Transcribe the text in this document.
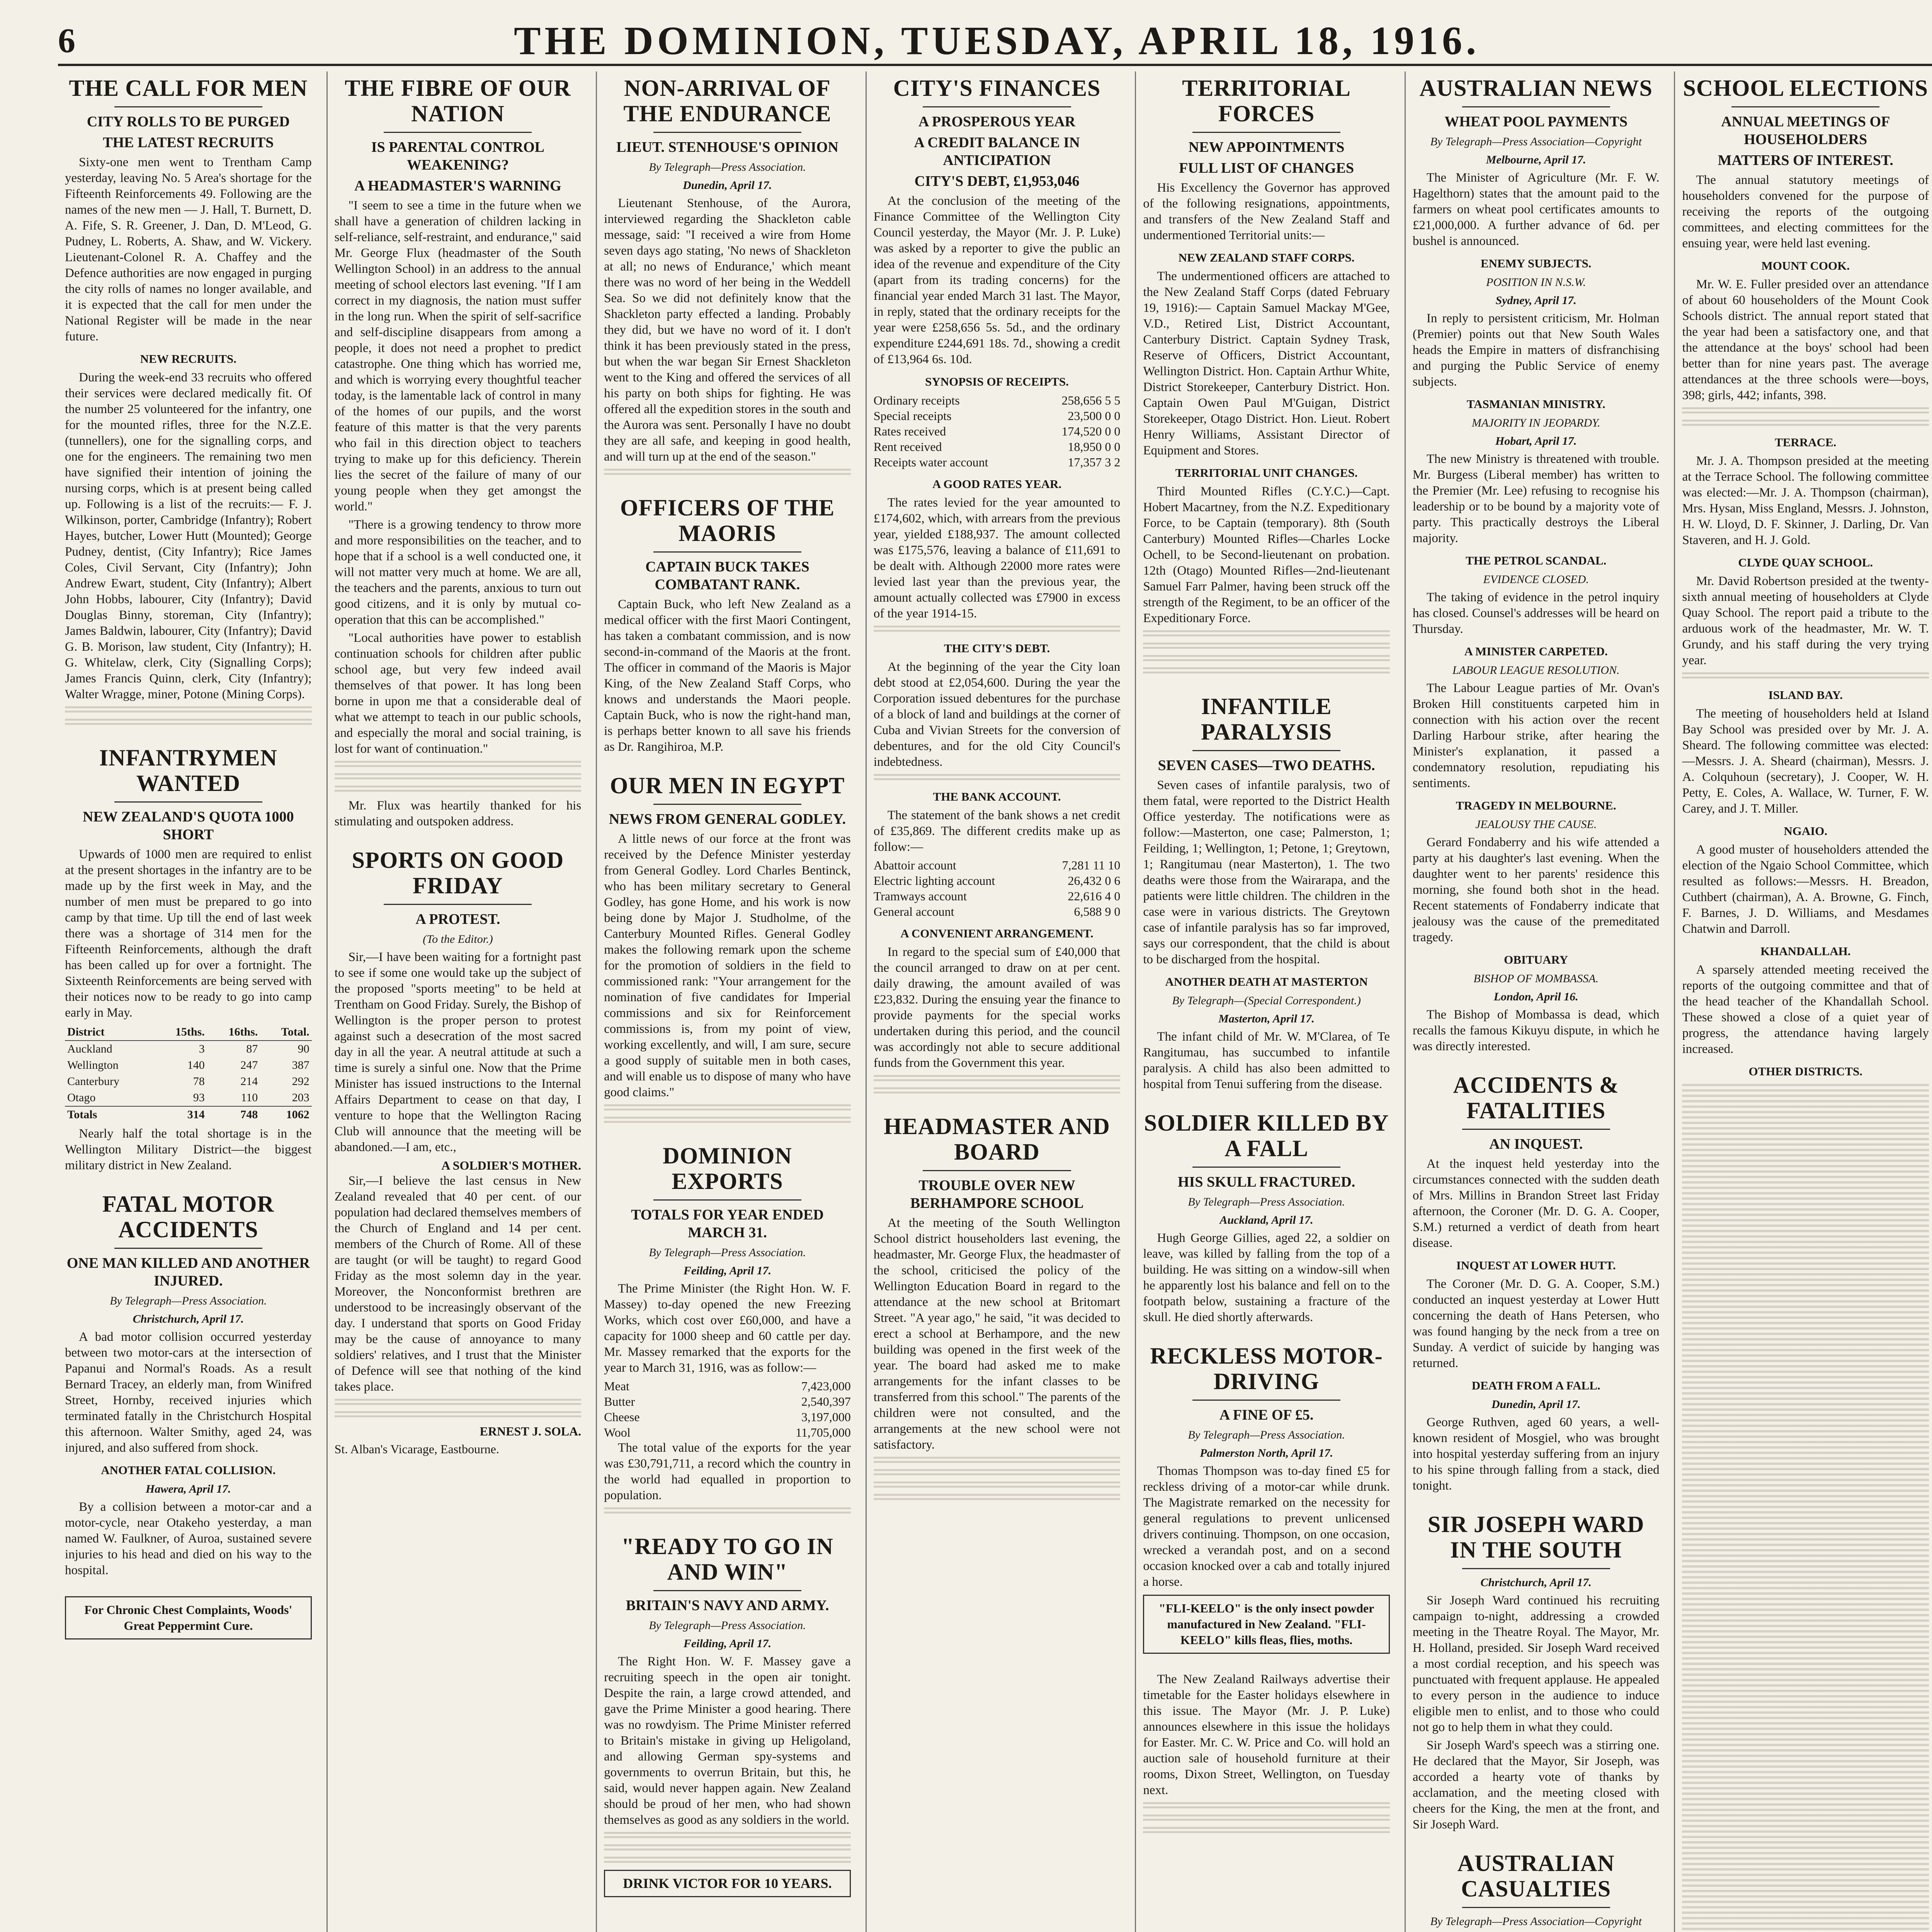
6	THE DOMINION, TUESDAY, APRIL 18, 1916.
THE CALL FOR MEN
CITY ROLLS TO BE PURGED
THE LATEST RECRUITS

Sixty-one men went to Trentham Camp yesterday, leaving No. 5 Area's shortage for the Fifteenth Reinforcements 49. Following are the names of the new men — J. Hall, T. Burnett, D. A. Fife, S. R. Greener, J. Dan, D. M'Leod, G. Pudney, L. Roberts, A. Shaw, and W. Vickery. Lieutenant-Colonel R. A. Chaffey and the Defence authorities are now engaged in purging the city rolls of names no longer available, and it is expected that the call for men under the National Register will be made in the near future.

NEW RECRUITS.

During the week-end 33 recruits who offered their services were declared medically fit. Of the number 25 volunteered for the infantry, one for the mounted rifles, three for the N.Z.E. (tunnellers), one for the signalling corps, and one for the engineers. The remaining two men have signified their intention of joining the nursing corps, which is at present being called up. Following is a list of the recruits:— F. J. Wilkinson, porter, Cambridge (Infantry); Robert Hayes, butcher, Lower Hutt (Mounted); George Pudney, dentist, (City Infantry); Rice James Coles, Civil Servant, City (Infantry); John Andrew Ewart, student, City (Infantry); Albert John Hobbs, labourer, City (Infantry); David Douglas Binny, storeman, City (Infantry); James Baldwin, labourer, City (Infantry); David G. B. Morison, law student, City (Infantry); H. G. Whitelaw, clerk, City (Signalling Corps); James Francis Quinn, clerk, City (Infantry); Walter Wragge, miner, Potone (Mining Corps).

INFANTRYMEN WANTED
NEW ZEALAND'S QUOTA 1000 SHORT

Upwards of 1000 men are required to enlist at the present shortages in the infantry are to be made up by the first week in May, and the number of men must be prepared to go into camp by that time. Up till the end of last week there was a shortage of 314 men for the Fifteenth Reinforcements, although the draft has been called up for over a fortnight. The Sixteenth Reinforcements are being served with their notices now to be ready to go into camp early in May.

District	15ths.	16ths.	Total.
Auckland	3	87	90
Wellington	140	247	387
Canterbury	78	214	292
Otago	93	110	203
Totals	314	748	1062

Nearly half the total shortage is in the Wellington Military District—the biggest military district in New Zealand.

FATAL MOTOR ACCIDENTS
ONE MAN KILLED AND ANOTHER INJURED.
By Telegraph—Press Association.
Christchurch, April 17.

A bad motor collision occurred yesterday between two motor-cars at the intersection of Papanui and Normal's Roads. As a result Bernard Tracey, an elderly man, from Winifred Street, Hornby, received injuries which terminated fatally in the Christchurch Hospital this afternoon. Walter Smithy, aged 24, was injured, and also suffered from shock.

ANOTHER FATAL COLLISION.
Hawera, April 17.

By a collision between a motor-car and a motor-cycle, near Otakeho yesterday, a man named W. Faulkner, of Auroa, sustained severe injuries to his head and died on his way to the hospital.

For Chronic Chest Complaints, Woods' Great Peppermint Cure.
THE FIBRE OF OUR NATION
IS PARENTAL CONTROL WEAKENING?
A HEADMASTER'S WARNING

"I seem to see a time in the future when we shall have a generation of children lacking in self-reliance, self-restraint, and endurance," said Mr. George Flux (headmaster of the South Wellington School) in an address to the annual meeting of school electors last evening. "If I am correct in my diagnosis, the nation must suffer in the long run. When the spirit of self-sacrifice and self-discipline disappears from among a people, it does not need a prophet to predict catastrophe. One thing which has worried me, and which is worrying every thoughtful teacher today, is the lamentable lack of control in many of the homes of our pupils, and the worst feature of this matter is that the very parents who fail in this direction object to teachers trying to make up for this deficiency. Therein lies the secret of the failure of many of our young people when they get amongst the world."

"There is a growing tendency to throw more and more responsibilities on the teacher, and to hope that if a school is a well conducted one, it will not matter very much at home. We are all, the teachers and the parents, anxious to turn out good citizens, and it is only by mutual co-operation that this can be accomplished."

"Local authorities have power to establish continuation schools for children after public school age, but very few indeed avail themselves of that power. It has long been borne in upon me that a considerable deal of what we attempt to teach in our public schools, and especially the moral and social training, is lost for want of continuation."

Mr. Flux was heartily thanked for his stimulating and outspoken address.

SPORTS ON GOOD FRIDAY
A PROTEST.
(To the Editor.)

Sir,—I have been waiting for a fortnight past to see if some one would take up the subject of the proposed "sports meeting" to be held at Trentham on Good Friday. Surely, the Bishop of Wellington is the proper person to protest against such a desecration of the most sacred day in all the year. A neutral attitude at such a time is surely a sinful one. Now that the Prime Minister has issued instructions to the Internal Affairs Department to cease on that day, I venture to hope that the Wellington Racing Club will announce that the meeting will be abandoned.—I am, etc.,

A SOLDIER'S MOTHER.

Sir,—I believe the last census in New Zealand revealed that 40 per cent. of our population had declared themselves members of the Church of England and 14 per cent. members of the Church of Rome. All of these are taught (or will be taught) to regard Good Friday as the most solemn day in the year. Moreover, the Nonconformist brethren are understood to be increasingly observant of the day. I understand that sports on Good Friday may be the cause of annoyance to many soldiers' relatives, and I trust that the Minister of Defence will see that nothing of the kind takes place.

ERNEST J. SOLA.
St. Alban's Vicarage, Eastbourne.
NON-ARRIVAL OF THE ENDURANCE
LIEUT. STENHOUSE'S OPINION
By Telegraph—Press Association.
Dunedin, April 17.

Lieutenant Stenhouse, of the Aurora, interviewed regarding the Shackleton cable message, said: "I received a wire from Home seven days ago stating, 'No news of Shackleton at all; no news of Endurance,' which meant there was no word of her being in the Weddell Sea. So we did not definitely know that the Shackleton party effected a landing. Probably they did, but we have no word of it. I don't think it has been previously stated in the press, but when the war began Sir Ernest Shackleton went to the King and offered the services of all his party on both ships for fighting. He was offered all the expedition stores in the south and the Aurora was sent. Personally I have no doubt they are all safe, and keeping in good health, and will turn up at the end of the season."

OFFICERS OF THE MAORIS
CAPTAIN BUCK TAKES COMBATANT RANK.

Captain Buck, who left New Zealand as a medical officer with the first Maori Contingent, has taken a combatant commission, and is now second-in-command of the Maoris at the front. The officer in command of the Maoris is Major King, of the New Zealand Staff Corps, who knows and understands the Maori people. Captain Buck, who is now the right-hand man, is perhaps better known to all save his friends as Dr. Rangihiroa, M.P.

OUR MEN IN EGYPT
NEWS FROM GENERAL GODLEY.

A little news of our force at the front was received by the Defence Minister yesterday from General Godley. Lord Charles Bentinck, who has been military secretary to General Godley, has gone Home, and his work is now being done by Major J. Studholme, of the Canterbury Mounted Rifles. General Godley makes the following remark upon the scheme for the promotion of soldiers in the field to commissioned rank: "Your arrangement for the nomination of five candidates for Imperial commissions and six for Reinforcement commissions is, from my point of view, working excellently, and will, I am sure, secure a good supply of suitable men in both cases, and will enable us to dispose of many who have good claims."

DOMINION EXPORTS
TOTALS FOR YEAR ENDED MARCH 31.
By Telegraph—Press Association.
Feilding, April 17.

The Prime Minister (the Right Hon. W. F. Massey) to-day opened the new Freezing Works, which cost over £60,000, and have a capacity for 1000 sheep and 60 cattle per day. Mr. Massey remarked that the exports for the year to March 31, 1916, was as follow:—

Meat	7,423,000
Butter	2,540,397
Cheese	3,197,000
Wool	11,705,000

The total value of the exports for the year was £30,791,711, a record which the country in the world had equalled in proportion to population.

"READY TO GO IN AND WIN"
BRITAIN'S NAVY AND ARMY.
By Telegraph—Press Association.
Feilding, April 17.

The Right Hon. W. F. Massey gave a recruiting speech in the open air tonight. Despite the rain, a large crowd attended, and gave the Prime Minister a good hearing. There was no rowdyism. The Prime Minister referred to Britain's mistake in giving up Heligoland, and allowing German spy-systems and governments to overrun Britain, but this, he said, would never happen again. New Zealand should be proud of her men, who had shown themselves as good as any soldiers in the world.

DRINK VICTOR FOR 10 YEARS.
CITY'S FINANCES
A PROSPEROUS YEAR
A CREDIT BALANCE IN ANTICIPATION
CITY'S DEBT, £1,953,046

At the conclusion of the meeting of the Finance Committee of the Wellington City Council yesterday, the Mayor (Mr. J. P. Luke) was asked by a reporter to give the public an idea of the revenue and expenditure of the City (apart from its trading concerns) for the financial year ended March 31 last. The Mayor, in reply, stated that the ordinary receipts for the year were £258,656 5s. 5d., and the ordinary expenditure £244,691 18s. 7d., showing a credit of £13,964 6s. 10d.

SYNOPSIS OF RECEIPTS.
Ordinary receipts	258,656 5 5
Special receipts	23,500 0 0
Rates received	174,520 0 0
Rent received	18,950 0 0
Receipts water account	17,357 3 2
A GOOD RATES YEAR.

The rates levied for the year amounted to £174,602, which, with arrears from the previous year, yielded £188,937. The amount collected was £175,576, leaving a balance of £11,691 to be dealt with. Although 22000 more rates were levied last year than the previous year, the amount actually collected was £7900 in excess of the year 1914-15.

THE CITY'S DEBT.

At the beginning of the year the City loan debt stood at £2,054,600. During the year the Corporation issued debentures for the purchase of a block of land and buildings at the corner of Cuba and Vivian Streets for the conversion of debentures, and for the old City Council's indebtedness.

THE BANK ACCOUNT.

The statement of the bank shows a net credit of £35,869. The different credits make up as follow:—

Abattoir account	7,281 11 10
Electric lighting account	26,432 0 6
Tramways account	22,616 4 0
General account	6,588 9 0
A CONVENIENT ARRANGEMENT.

In regard to the special sum of £40,000 that the council arranged to draw on at per cent. daily drawing, the amount availed of was £23,832. During the ensuing year the finance to provide payments for the special works undertaken during this period, and the council was accordingly not able to secure additional funds from the Government this year.

HEADMASTER AND BOARD
TROUBLE OVER NEW BERHAMPORE SCHOOL

At the meeting of the South Wellington School district householders last evening, the headmaster, Mr. George Flux, the headmaster of the school, criticised the policy of the Wellington Education Board in regard to the attendance at the new school at Britomart Street. "A year ago," he said, "it was decided to erect a school at Berhampore, and the new building was opened in the first week of the year. The board had asked me to make arrangements for the infant classes to be transferred from this school." The parents of the children were not consulted, and the arrangements at the new school were not satisfactory.

TERRITORIAL FORCES
NEW APPOINTMENTS
FULL LIST OF CHANGES

His Excellency the Governor has approved of the following resignations, appointments, and transfers of the New Zealand Staff and undermentioned Territorial units:—

NEW ZEALAND STAFF CORPS.

The undermentioned officers are attached to the New Zealand Staff Corps (dated February 19, 1916):— Captain Samuel Mackay M'Gee, V.D., Retired List, District Accountant, Canterbury District. Captain Sydney Trask, Reserve of Officers, District Accountant, Wellington District. Hon. Captain Arthur White, District Storekeeper, Canterbury District. Hon. Captain Owen Paul M'Guigan, District Storekeeper, Otago District. Hon. Lieut. Robert Henry Williams, Assistant Director of Equipment and Stores.

TERRITORIAL UNIT CHANGES.

Third Mounted Rifles (C.Y.C.)—Capt. Hobert Macartney, from the N.Z. Expeditionary Force, to be Captain (temporary). 8th (South Canterbury) Mounted Rifles—Charles Locke Ochell, to be Second-lieutenant on probation. 12th (Otago) Mounted Rifles—2nd-lieutenant Samuel Farr Palmer, having been struck off the strength of the Regiment, to be an officer of the Expeditionary Force.

INFANTILE PARALYSIS
SEVEN CASES—TWO DEATHS.

Seven cases of infantile paralysis, two of them fatal, were reported to the District Health Office yesterday. The notifications were as follow:—Masterton, one case; Palmerston, 1; Feilding, 1; Wellington, 1; Petone, 1; Greytown, 1; Rangitumau (near Masterton), 1. The two deaths were those from the Wairarapa, and the patients were little children. The children in the case were in various districts. The Greytown case of infantile paralysis has so far improved, says our correspondent, that the child is about to be discharged from the hospital.

ANOTHER DEATH AT MASTERTON
By Telegraph—(Special Correspondent.)
Masterton, April 17.

The infant child of Mr. W. M'Clarea, of Te Rangitumau, has succumbed to infantile paralysis. A child has also been admitted to hospital from Tenui suffering from the disease.

SOLDIER KILLED BY A FALL
HIS SKULL FRACTURED.
By Telegraph—Press Association.
Auckland, April 17.

Hugh George Gillies, aged 22, a soldier on leave, was killed by falling from the top of a building. He was sitting on a window-sill when he apparently lost his balance and fell on to the footpath below, sustaining a fracture of the skull. He died shortly afterwards.

RECKLESS MOTOR-DRIVING
A FINE OF £5.
By Telegraph—Press Association.
Palmerston North, April 17.

Thomas Thompson was to-day fined £5 for reckless driving of a motor-car while drunk. The Magistrate remarked on the necessity for general regulations to prevent unlicensed drivers continuing. Thompson, on one occasion, wrecked a verandah post, and on a second occasion knocked over a cab and totally injured a horse.

"FLI-KEELO" is the only insect powder manufactured in New Zealand. "FLI-KEELO" kills fleas, flies, moths.

The New Zealand Railways advertise their timetable for the Easter holidays elsewhere in this issue. The Mayor (Mr. J. P. Luke) announces elsewhere in this issue the holidays for Easter. Mr. C. W. Price and Co. will hold an auction sale of household furniture at their rooms, Dixon Street, Wellington, on Tuesday next.

AUSTRALIAN NEWS
WHEAT POOL PAYMENTS
By Telegraph—Press Association—Copyright
Melbourne, April 17.

The Minister of Agriculture (Mr. F. W. Hagelthorn) states that the amount paid to the farmers on wheat pool certificates amounts to £21,000,000. A further advance of 6d. per bushel is announced.

ENEMY SUBJECTS.
POSITION IN N.S.W.
Sydney, April 17.

In reply to persistent criticism, Mr. Holman (Premier) points out that New South Wales heads the Empire in matters of disfranchising and purging the Public Service of enemy subjects.

TASMANIAN MINISTRY.
MAJORITY IN JEOPARDY.
Hobart, April 17.

The new Ministry is threatened with trouble. Mr. Burgess (Liberal member) has written to the Premier (Mr. Lee) refusing to recognise his leadership or to be bound by a majority vote of party. This practically destroys the Liberal majority.

THE PETROL SCANDAL.
EVIDENCE CLOSED.

The taking of evidence in the petrol inquiry has closed. Counsel's addresses will be heard on Thursday.

A MINISTER CARPETED.
LABOUR LEAGUE RESOLUTION.

The Labour League parties of Mr. Ovan's Broken Hill constituents carpeted him in connection with his action over the recent Darling Harbour strike, after hearing the Minister's explanation, it passed a condemnatory resolution, repudiating his sentiments.

TRAGEDY IN MELBOURNE.
JEALOUSY THE CAUSE.

Gerard Fondaberry and his wife attended a party at his daughter's last evening. When the daughter went to her parents' residence this morning, she found both shot in the head. Recent statements of Fondaberry indicate that jealousy was the cause of the premeditated tragedy.

OBITUARY
BISHOP OF MOMBASSA.
London, April 16.

The Bishop of Mombassa is dead, which recalls the famous Kikuyu dispute, in which he was directly interested.

ACCIDENTS & FATALITIES
AN INQUEST.

At the inquest held yesterday into the circumstances connected with the sudden death of Mrs. Millins in Brandon Street last Friday afternoon, the Coroner (Mr. D. G. A. Cooper, S.M.) returned a verdict of death from heart disease.

INQUEST AT LOWER HUTT.

The Coroner (Mr. D. G. A. Cooper, S.M.) conducted an inquest yesterday at Lower Hutt concerning the death of Hans Petersen, who was found hanging by the neck from a tree on Sunday. A verdict of suicide by hanging was returned.

DEATH FROM A FALL.
Dunedin, April 17.

George Ruthven, aged 60 years, a well-known resident of Mosgiel, who was brought into hospital yesterday suffering from an injury to his spine through falling from a stack, died tonight.

SIR JOSEPH WARD IN THE SOUTH
Christchurch, April 17.

Sir Joseph Ward continued his recruiting campaign to-night, addressing a crowded meeting in the Theatre Royal. The Mayor, Mr. H. Holland, presided. Sir Joseph Ward received a most cordial reception, and his speech was punctuated with frequent applause. He appealed to every person in the audience to induce eligible men to enlist, and to those who could not go to help them in what they could.

Sir Joseph Ward's speech was a stirring one. He declared that the Mayor, Sir Joseph, was accorded a hearty vote of thanks by acclamation, and the meeting closed with cheers for the King, the men at the front, and Sir Joseph Ward.

AUSTRALIAN CASUALTIES
By Telegraph—Press Association—Copyright

SCHOOL ELECTIONS
ANNUAL MEETINGS OF HOUSEHOLDERS
MATTERS OF INTEREST.

The annual statutory meetings of householders convened for the purpose of receiving the reports of the outgoing committees, and electing committees for the ensuing year, were held last evening.

MOUNT COOK.

Mr. W. E. Fuller presided over an attendance of about 60 householders of the Mount Cook Schools district. The annual report stated that the year had been a satisfactory one, and that the attendance at the boys' school had been better than for nine years past. The average attendances at the three schools were—boys, 398; girls, 442; infants, 398.

TERRACE.

Mr. J. A. Thompson presided at the meeting at the Terrace School. The following committee was elected:—Mr. J. A. Thompson (chairman), Mrs. Hysan, Miss England, Messrs. J. Johnston, H. W. Lloyd, D. F. Skinner, J. Darling, Dr. Van Staveren, and H. J. Gold.

CLYDE QUAY SCHOOL.

Mr. David Robertson presided at the twenty-sixth annual meeting of householders at Clyde Quay School. The report paid a tribute to the arduous work of the headmaster, Mr. W. T. Grundy, and his staff during the very trying year.

ISLAND BAY.

The meeting of householders held at Island Bay School was presided over by Mr. J. A. Sheard. The following committee was elected:—Messrs. J. A. Sheard (chairman), Messrs. J. A. Colquhoun (secretary), J. Cooper, W. H. Petty, E. Coles, A. Wallace, W. Turner, F. W. Carey, and J. T. Miller.

NGAIO.

A good muster of householders attended the election of the Ngaio School Committee, which resulted as follows:—Messrs. H. Breadon, Cuthbert (chairman), A. A. Browne, G. Finch, F. Barnes, J. D. Williams, and Mesdames Chatwin and Darroll.

KHANDALLAH.

A sparsely attended meeting received the reports of the outgoing committee and that of the head teacher of the Khandallah School. These showed a close of a quiet year of progress, the attendance having largely increased.

OTHER DISTRICTS.
